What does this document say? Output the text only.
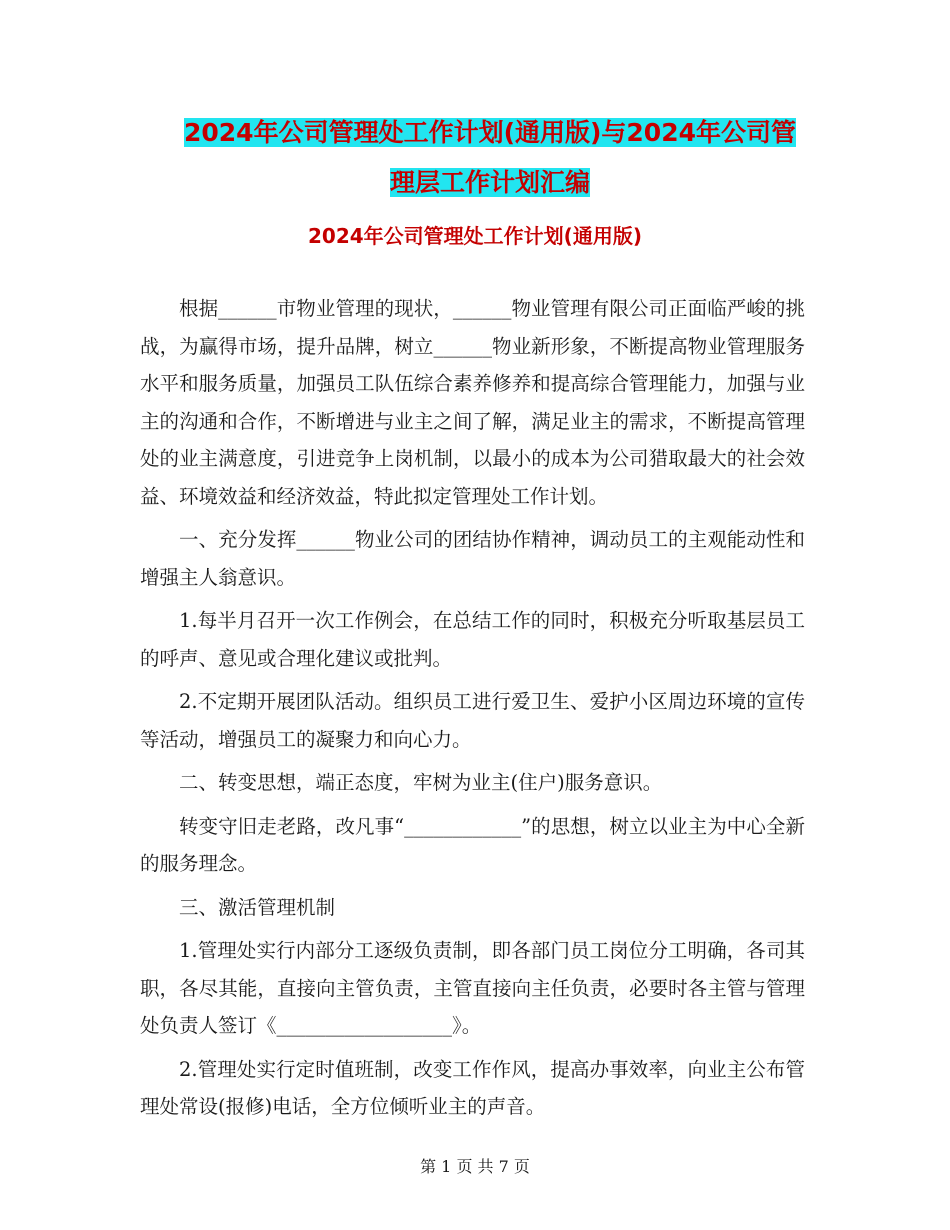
2024年公司管理处工作计划(通用版)与2024年公司管
理层工作计划汇编
2024年公司管理处工作计划(通用版)

根据______市物业管理的现状，______物业管理有限公司正面临严峻的挑战，为赢得市场，提升品牌，树立______物业新形象，不断提高物业管理服务水平和服务质量，加强员工队伍综合素养修养和提高综合管理能力，加强与业主的沟通和合作，不断增进与业主之间了解，满足业主的需求，不断提高管理处的业主满意度，引进竞争上岗机制，以最小的成本为公司猎取最大的社会效益、环境效益和经济效益，特此拟定管理处工作计划。

一、充分发挥______物业公司的团结协作精神，调动员工的主观能动性和增强主人翁意识。

1.每半月召开一次工作例会，在总结工作的同时，积极充分听取基层员工的呼声、意见或合理化建议或批判。

2.不定期开展团队活动。组织员工进行爱卫生、爱护小区周边环境的宣传等活动，增强员工的凝聚力和向心力。

二、转变思想，端正态度，牢树为业主(住户)服务意识。

转变守旧走老路，改凡事“____________”的思想，树立以业主为中心全新的服务理念。

三、激活管理机制

1.管理处实行内部分工逐级负责制，即各部门员工岗位分工明确，各司其职，各尽其能，直接向主管负责，主管直接向主任负责，必要时各主管与管理处负责人签订《__________________》。

2.管理处实行定时值班制，改变工作作风，提高办事效率，向业主公布管理处常设(报修)电话，全方位倾听业主的声音。

第 1 页 共 7 页
